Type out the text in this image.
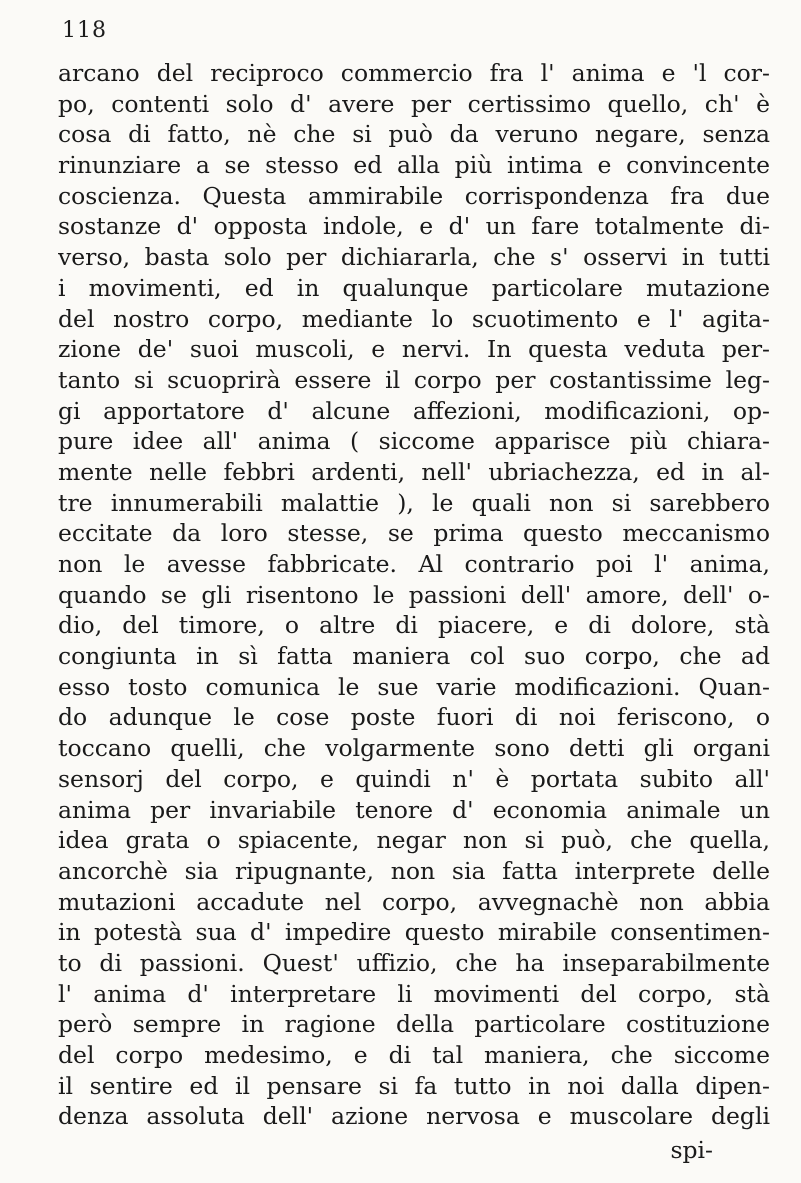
118
arcano del reciproco commercio fra l' anima e 'l cor-
po, contenti solo d' avere per certissimo quello, ch' è
cosa di fatto, nè che si può da veruno negare, senza
rinunziare a se stesso ed alla più intima e convincente
coscienza. Questa ammirabile corrispondenza fra due
sostanze d' opposta indole, e d' un fare totalmente di-
verso, basta solo per dichiararla, che s' osservi in tutti
i movimenti, ed in qualunque particolare mutazione
del nostro corpo, mediante lo scuotimento e l' agita-
zione de' suoi muscoli, e nervi. In questa veduta per-
tanto si scuoprirà essere il corpo per costantissime leg-
gi apportatore d' alcune affezioni, modificazioni, op-
pure idee all' anima ( siccome apparisce più chiara-
mente nelle febbri ardenti, nell' ubriachezza, ed in al-
tre innumerabili malattie ), le quali non si sarebbero
eccitate da loro stesse, se prima questo meccanismo
non le avesse fabbricate. Al contrario poi l' anima,
quando se gli risentono le passioni dell' amore, dell' o-
dio, del timore, o altre di piacere, e di dolore, stà
congiunta in sì fatta maniera col suo corpo, che ad
esso tosto comunica le sue varie modificazioni. Quan-
do adunque le cose poste fuori di noi feriscono, o
toccano quelli, che volgarmente sono detti gli organi
sensorj del corpo, e quindi n' è portata subito all'
anima per invariabile tenore d' economia animale un
idea grata o spiacente, negar non si può, che quella,
ancorchè sia ripugnante, non sia fatta interprete delle
mutazioni accadute nel corpo, avvegnachè non abbia
in potestà sua d' impedire questo mirabile consentimen-
to di passioni. Quest' uffizio, che ha inseparabilmente
l' anima d' interpretare li movimenti del corpo, stà
però sempre in ragione della particolare costituzione
del corpo medesimo, e di tal maniera, che siccome
il sentire ed il pensare si fa tutto in noi dalla dipen-
denza assoluta dell' azione nervosa e muscolare degli
spi-
